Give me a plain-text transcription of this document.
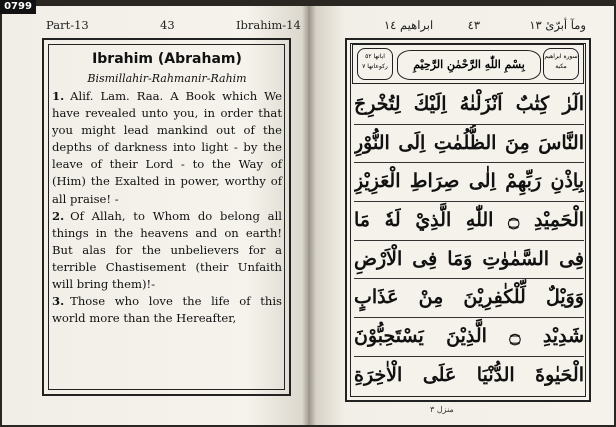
0799
Part-13	43	Ibrahim-14
Ibrahim (Abraham)
Bismillahir-Rahmanir-Rahim
1. Alif. Lam. Raa. A Book which We have revealed unto you, in order that you might lead mankind out of the depths of darkness into light - by the leave of their Lord - to the Way of (Him) the Exalted in power, worthy of all praise! -
2. Of Allah, to Whom do belong all things in the heavens and on earth! But alas for the unbelievers for a terrible Chastisement (their Unfaith will bring them)!-
3. Those who love the life of this world more than the Hereafter,
ومآ أبرّئ ١٣
٤٣
ابراهيم ١٤
سورة ابراهيم مكية
بِسْمِ اللّٰهِ الرَّحْمٰنِ الرَّحِيْمِ
اياتها ٥٢ ركوعاتها ٧
الٓرٰ كِتٰبٌ اَنْزَلْنٰهُ اِلَيْكَ لِتُخْرِجَ
النَّاسَ مِنَ الظُّلُمٰتِ اِلَى النُّوْرِ
بِاِذْنِ رَبِّهِمْ اِلٰى صِرَاطِ الْعَزِيْزِ
الْحَمِيْدِ ۝ اللّٰهِ الَّذِيْ لَهٗ مَا
فِى السَّمٰوٰتِ وَمَا فِى الْاَرْضِ
وَوَيْلٌ لِّلْكٰفِرِيْنَ مِنْ عَذَابٍ
شَدِيْدِ ۝ الَّذِيْنَ يَسْتَحِبُّوْنَ
الْحَيٰوةَ الدُّنْيَا عَلَى الْاٰخِرَةِ
منزل ٣
